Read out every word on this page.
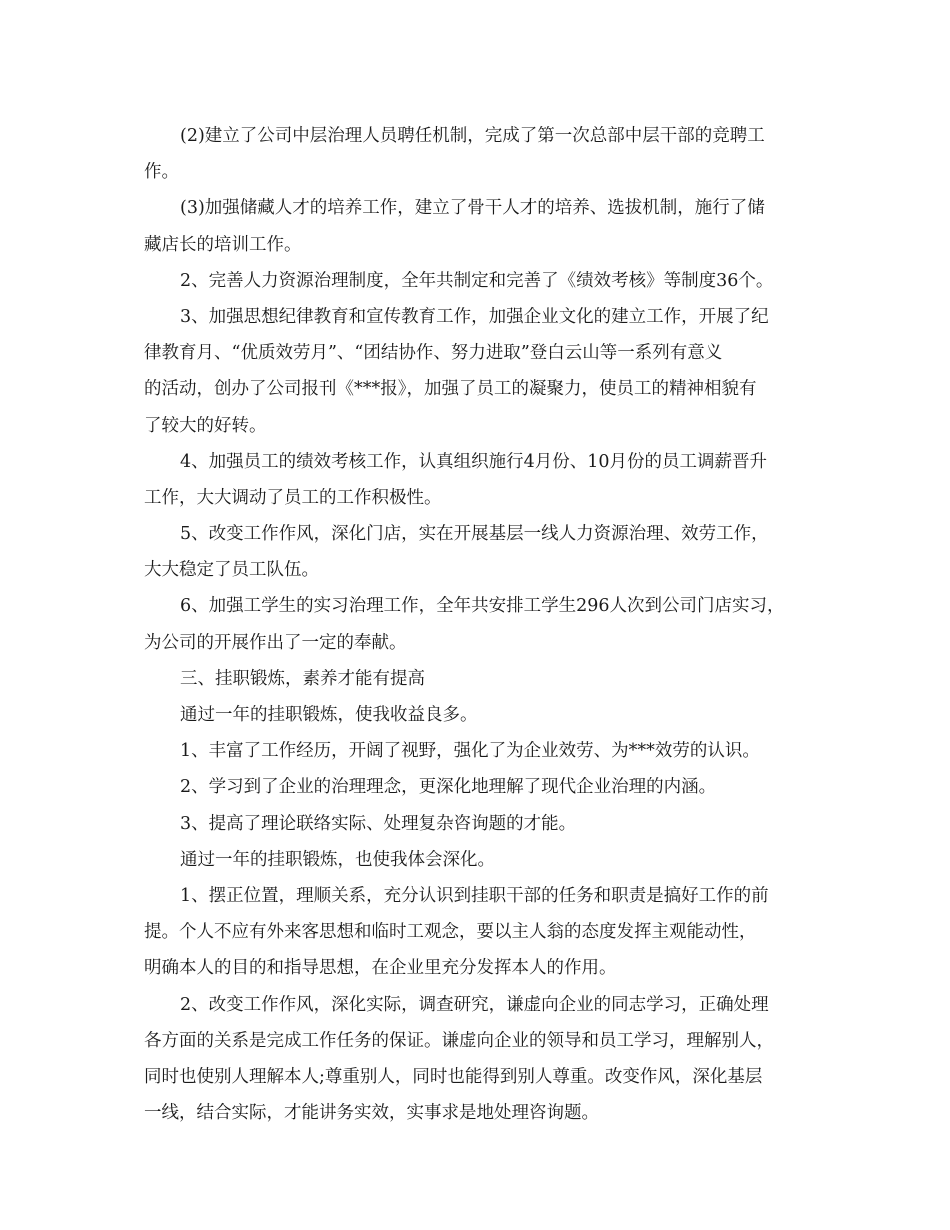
(2)建立了公司中层治理人员聘任机制，完成了第一次总部中层干部的竞聘工

作。

(3)加强储藏人才的培养工作，建立了骨干人才的培养、选拔机制，施行了储

藏店长的培训工作。

2、完善人力资源治理制度，全年共制定和完善了《绩效考核》等制度36个。

3、加强思想纪律教育和宣传教育工作，加强企业文化的建立工作，开展了纪

律教育月、“优质效劳月”、“团结协作、努力进取”登白云山等一系列有意义

的活动，创办了公司报刊《***报》，加强了员工的凝聚力，使员工的精神相貌有

了较大的好转。

4、加强员工的绩效考核工作，认真组织施行4月份、10月份的员工调薪晋升

工作，大大调动了员工的工作积极性。

5、改变工作作风，深化门店，实在开展基层一线人力资源治理、效劳工作，

大大稳定了员工队伍。

6、加强工学生的实习治理工作，全年共安排工学生296人次到公司门店实习，

为公司的开展作出了一定的奉献。

三、挂职锻炼，素养才能有提高

通过一年的挂职锻炼，使我收益良多。

1、丰富了工作经历，开阔了视野，强化了为企业效劳、为***效劳的认识。

2、学习到了企业的治理理念，更深化地理解了现代企业治理的内涵。

3、提高了理论联络实际、处理复杂咨询题的才能。

通过一年的挂职锻炼，也使我体会深化。

1、摆正位置，理顺关系，充分认识到挂职干部的任务和职责是搞好工作的前

提。个人不应有外来客思想和临时工观念，要以主人翁的态度发挥主观能动性，

明确本人的目的和指导思想，在企业里充分发挥本人的作用。

2、改变工作作风，深化实际，调查研究，谦虚向企业的同志学习，正确处理

各方面的关系是完成工作任务的保证。谦虚向企业的领导和员工学习，理解别人，

同时也使别人理解本人;尊重别人，同时也能得到别人尊重。改变作风，深化基层

一线，结合实际，才能讲务实效，实事求是地处理咨询题。
